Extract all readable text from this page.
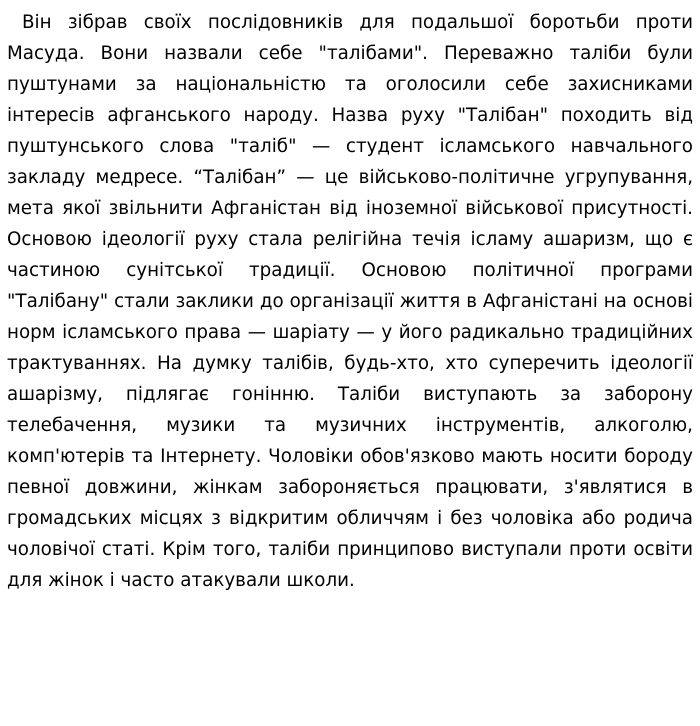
Він зібрав своїх послідовників для подальшої боротьби проти Масуда. Вони назвали себе "талібами". Переважно таліби були пуштунами за національністю та оголосили себе захисниками інтересів афганського народу. Назва руху "Талібан" походить від пуштунського слова "таліб" — студент ісламського навчального закладу медресе. “Талібан” — це військово-політичне угрупування, мета якої звільнити Афганістан від іноземної військової присутності. Основою ідеології руху стала релігійна течія ісламу ашаризм, що є частиною сунітської традиції. Основою політичної програми "Талібану" стали заклики до організації життя в Афганістані на основі норм ісламського права — шаріату — у його радикально традиційних трактуваннях. На думку талібів, будь-хто, хто суперечить ідеології ашарізму, підлягає гонінню. Таліби виступають за заборону телебачення, музики та музичних інструментів, алкоголю, комп'ютерів та Інтернету. Чоловіки обов'язково мають носити бороду певної довжини, жінкам забороняється працювати, з'являтися в громадських місцях з відкритим обличчям і без чоловіка або родича чоловічої статі. Крім того, таліби принципово виступали проти освіти для жінок і часто атакували школи.
